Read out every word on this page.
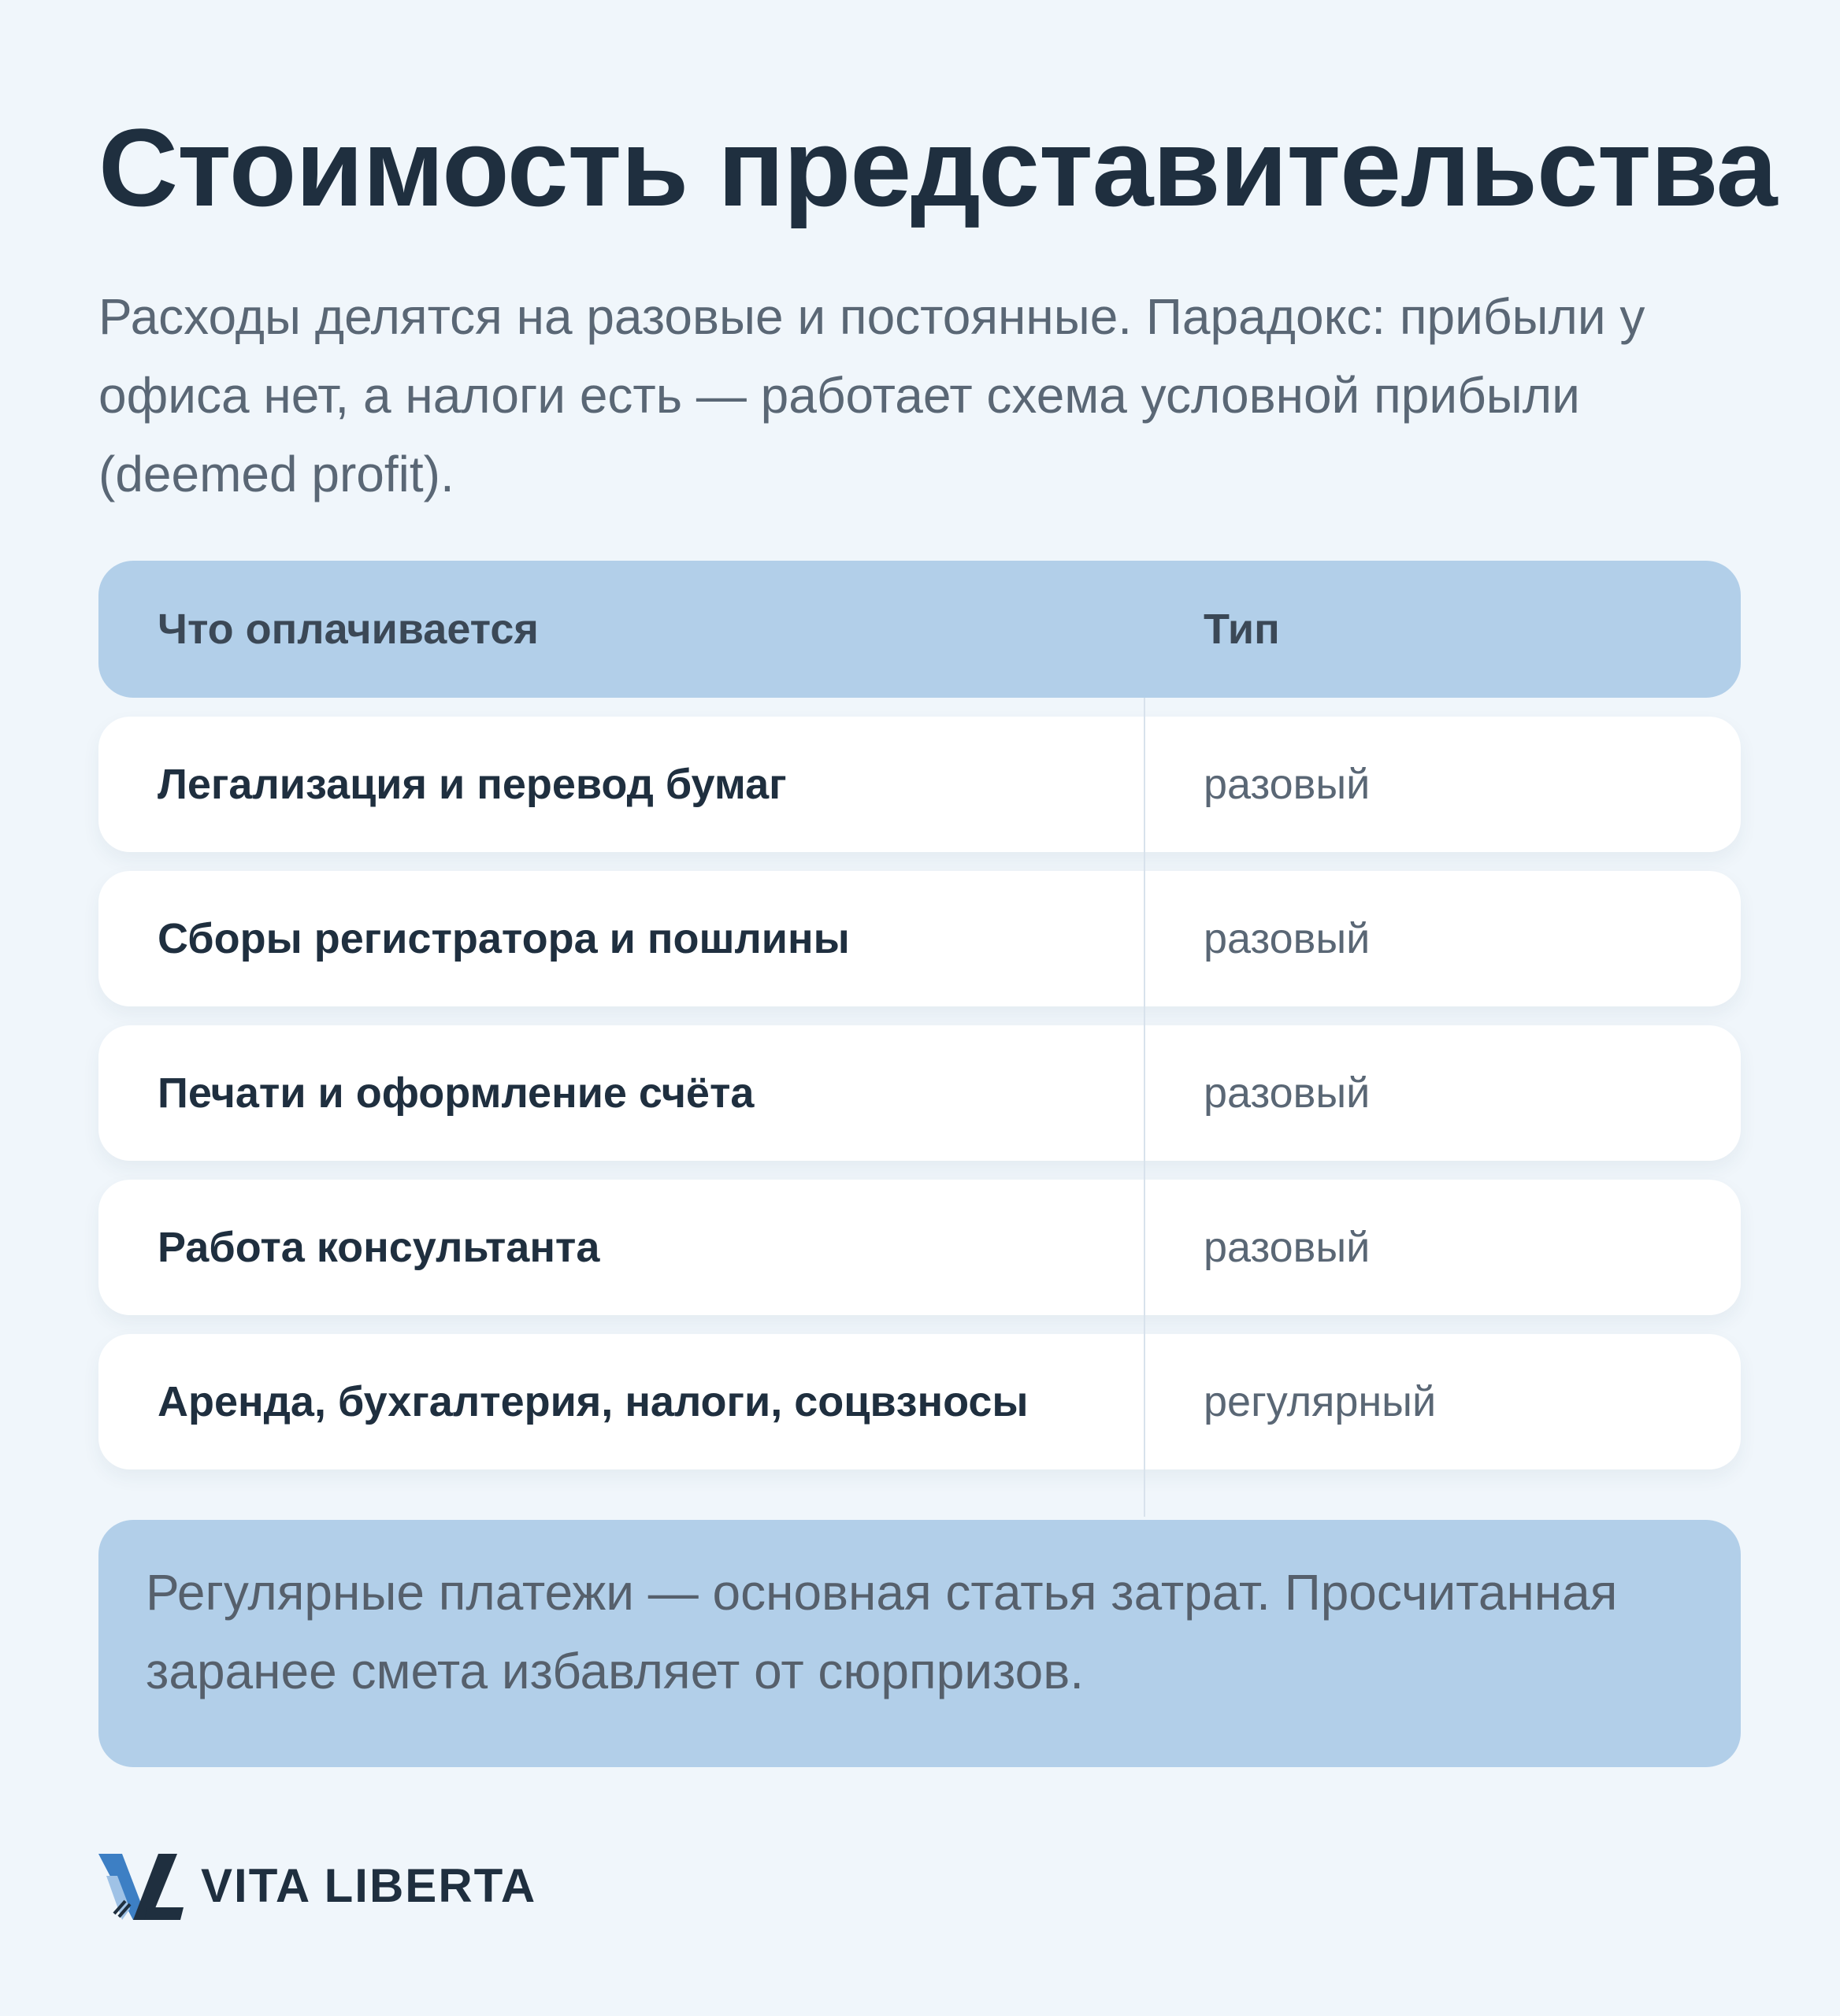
Стоимость представительства

Расходы делятся на разовые и постоянные. Парадокс: прибыли у офиса нет, а налоги есть — работает схема условной прибыли (deemed profit).

Что оплачивается	Тип
Легализация и перевод бумаг	разовый
Сборы регистратора и пошлины	разовый
Печати и оформление счёта	разовый
Работа консультанта	разовый
Аренда, бухгалтерия, налоги, соцвзносы	регулярный

Регулярные платежи — основная статья затрат. Просчитанная заранее смета избавляет от сюрпризов.

VITA LIBERTA
